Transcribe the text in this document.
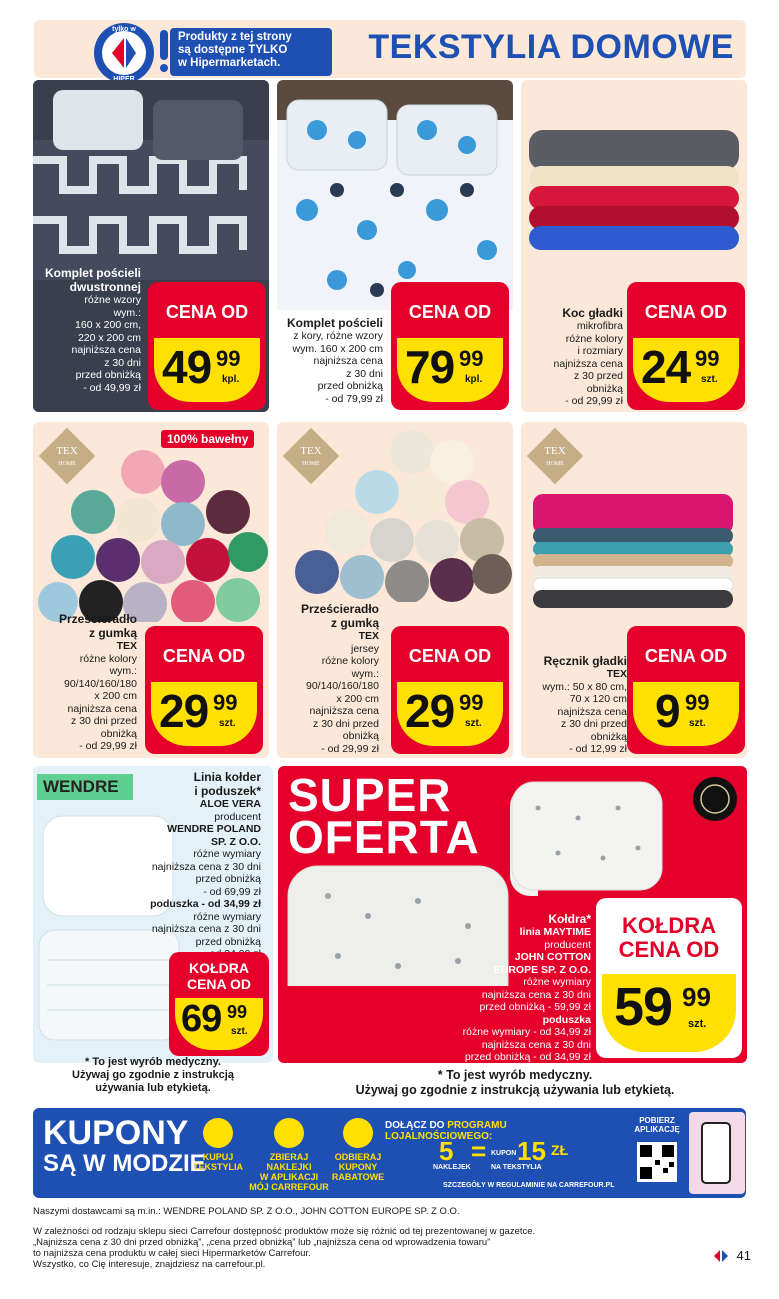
tylko w
Produkty z tej strony
są dostępne TYLKO
w Hipermarketach.	TEKSTYLIA DOMOWE
Komplet pościeli
dwustronnej
różne wzory
wym.:
160 x 200 cm,
220 x 200 cm
najniższa cena
z 30 dni
przed obniżką
- od 49,99 zł
CENA OD
49 99
kpl.
Komplet pościeli
z kory, różne wzory
wym. 160 x 200 cm
najniższa cena
z 30 dni
przed obniżką
- od 79,99 zł
CENA OD
79 99
kpl.
Koc gładki
mikrofibra
różne kolory
i rozmiary
najniższa cena
z 30 przed
obniżką
- od 29,99 zł
CENA OD
24 99
szt.
TEX
HOME
100% bawełny
Prześcieradło
z gumką
TEX
różne kolory
wym.:
90/140/160/180
x 200 cm
najniższa cena
z 30 dni przed
obniżką
- od 29,99 zł
CENA OD
29 99
szt.
TEX
HOME
Prześcieradło
z gumką
TEX
jersey
różne kolory
wym.:
90/140/160/180
x 200 cm
najniższa cena
z 30 dni przed
obniżką
- od 29,99 zł
CENA OD
29 99
szt.
TEX
HOME
Ręcznik gładki
TEX
wym.: 50 x 80 cm,
70 x 120 cm
najniższa cena
z 30 dni przed
obniżką
- od 12,99 zł
CENA OD
9 99
szt.
WENDRE	Linia kołder
i poduszek*
ALOE VERA
producent
WENDRE POLAND
SP. Z O.O.
różne wymiary
najniższa cena z 30 dni
przed obniżką
- od 69,99 zł
poduszka - od 34,99 zł
różne wymiary
najniższa cena z 30 dni
przed obniżką
KOŁDRA
CENA OD
69 99
szt.
* To jest wyrób medyczny.
Używaj go zgodnie z instrukcją
używania lub etykietą.
SUPER
OFERTA
Kołdra*
linia MAYTIME
producent
JOHN COTTON
EUROPE SP. Z O.O.
różne wymiary
najniższa cena z 30 dni
przed obniżką - 59,99 zł
poduszka
różne wymiary - od 34,99 zł
najniższa cena z 30 dni
przed obniżką - od 34,99 zł
KOŁDRA
CENA OD
59 99
szt.
* To jest wyrób medyczny.
Używaj go zgodnie z instrukcją używania lub etykietą.
KUPONY
SĄ W MODZIE
KUPUJ
TEKSTYLIA
ZBIERAJ NAKLEJKI
W APLIKACJI
MÓJ CARREFOUR
ODBIERAJ
KUPONY
RABATOWE
DOŁĄCZ DO PROGRAMU LOJALNOŚCIOWEGO:
5
NAKLEJEK
= KUPON 15 ZŁ
NA TEKSTYLIA
SZCZEGÓŁY W REGULAMINIE NA CARREFOUR.PL
POBIERZ
APLIKACJĘ
Naszymi dostawcami są m.in.: WENDRE POLAND SP. Z O.O., JOHN COTTON EUROPE SP. Z O.O.
W zależności od rodzaju sklepu sieci Carrefour dostępność produktów może się różnić od tej prezentowanej w gazetce.
„Najniższa cena z 30 dni przed obniżką”, „cena przed obniżką” lub „najniższa cena od wprowadzenia towaru”
to najniższa cena produktu w całej sieci Hipermarketów Carrefour.
Wszystko, co Cię interesuje, znajdziesz na carrefour.pl.
41
